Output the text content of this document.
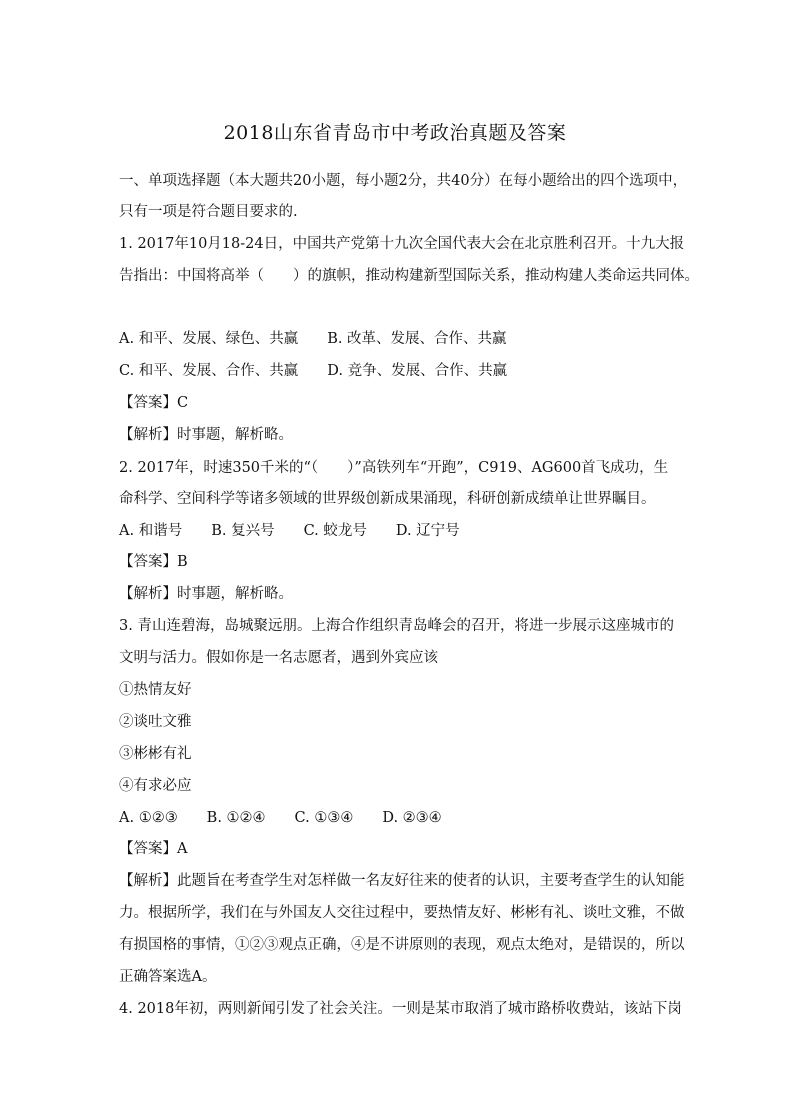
2018山东省青岛市中考政治真题及答案
一、单项选择题（本大题共20小题，每小题2分，共40分）在每小题给出的四个选项中，
只有一项是符合题目要求的.
1. 2017年10月18-24日，中国共产党第十九次全国代表大会在北京胜利召开。十九大报
告指出：中国将高举（　　）的旗帜，推动构建新型国际关系，推动构建人类命运共同体。
A. 和平、发展、绿色、共赢　　B. 改革、发展、合作、共赢
C. 和平、发展、合作、共赢　　D. 竞争、发展、合作、共赢
【答案】C
【解析】时事题，解析略。
2. 2017年，时速350千米的“（　　）”高铁列车“开跑”，C919、AG600首飞成功，生
命科学、空间科学等诸多领域的世界级创新成果涌现，科研创新成绩单让世界瞩目。
A. 和谐号　　B. 复兴号　　C. 蛟龙号　　D. 辽宁号
【答案】B
【解析】时事题，解析略。
3. 青山连碧海，岛城聚远朋。上海合作组织青岛峰会的召开，将进一步展示这座城市的
文明与活力。假如你是一名志愿者，遇到外宾应该
①热情友好
②谈吐文雅
③彬彬有礼
④有求必应
A. ①②③　　B. ①②④　　C. ①③④　　D. ②③④
【答案】A
【解析】此题旨在考查学生对怎样做一名友好往来的使者的认识，主要考查学生的认知能
力。根据所学，我们在与外国友人交往过程中，要热情友好、彬彬有礼、谈吐文雅，不做
有损国格的事情，①②③观点正确，④是不讲原则的表现，观点太绝对，是错误的，所以
正确答案选A。
4. 2018年初，两则新闻引发了社会关注。一则是某市取消了城市路桥收费站，该站下岗
